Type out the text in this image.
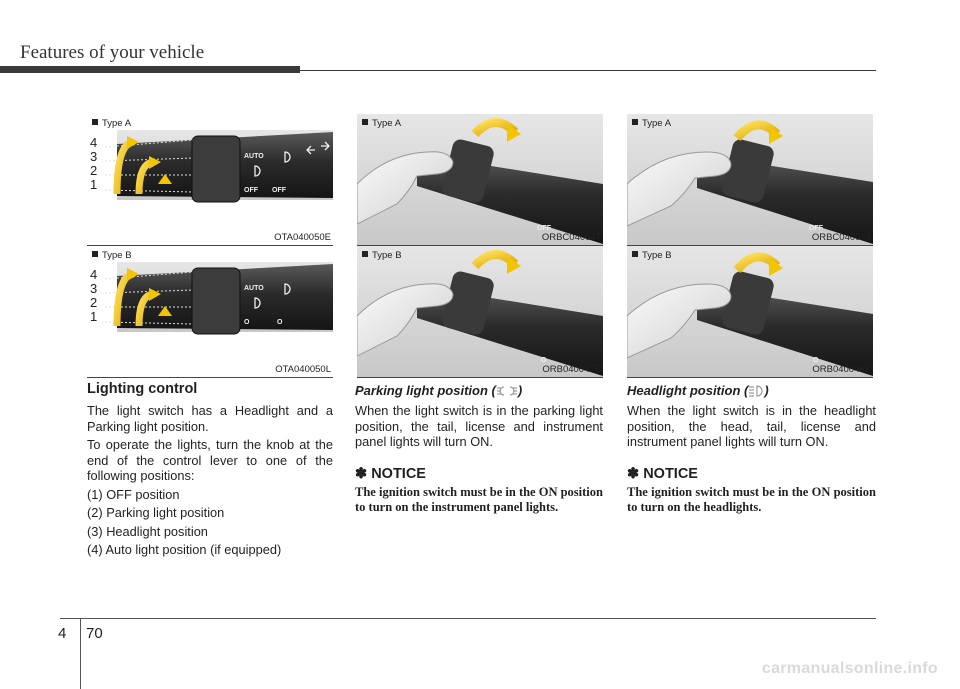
Features of your vehicle
AUTO
OFF OFF
4
3
2
1
Type A
OTA040050E
AUTO
O	O
4
3
2
1
Type B
OTA040050L
OFF
Type A
ORBC040047
O
Type B
ORB040047E
OFF
Type A
ORBC040048
O
Type B
ORB040048E
Lighting control

The light switch has a Headlight and a Parking light position.

To operate the lights, turn the knob at the end of the control lever to one of the following positions:

(1) OFF position

(2) Parking light position

(3) Headlight position

(4) Auto light position (if equipped)

Parking light position ( )
When the light switch is in the parking light position, the tail, license and instrument panel lights will turn ON.
✽ NOTICE
The ignition switch must be in the ON position to turn on the instrument panel lights.
Headlight position ( )
When the light switch is in the headlight position, the head, tail, license and instrument panel lights will turn ON.
✽ NOTICE
The ignition switch must be in the ON position to turn on the headlights.
4 70
carmanualsonline.info
